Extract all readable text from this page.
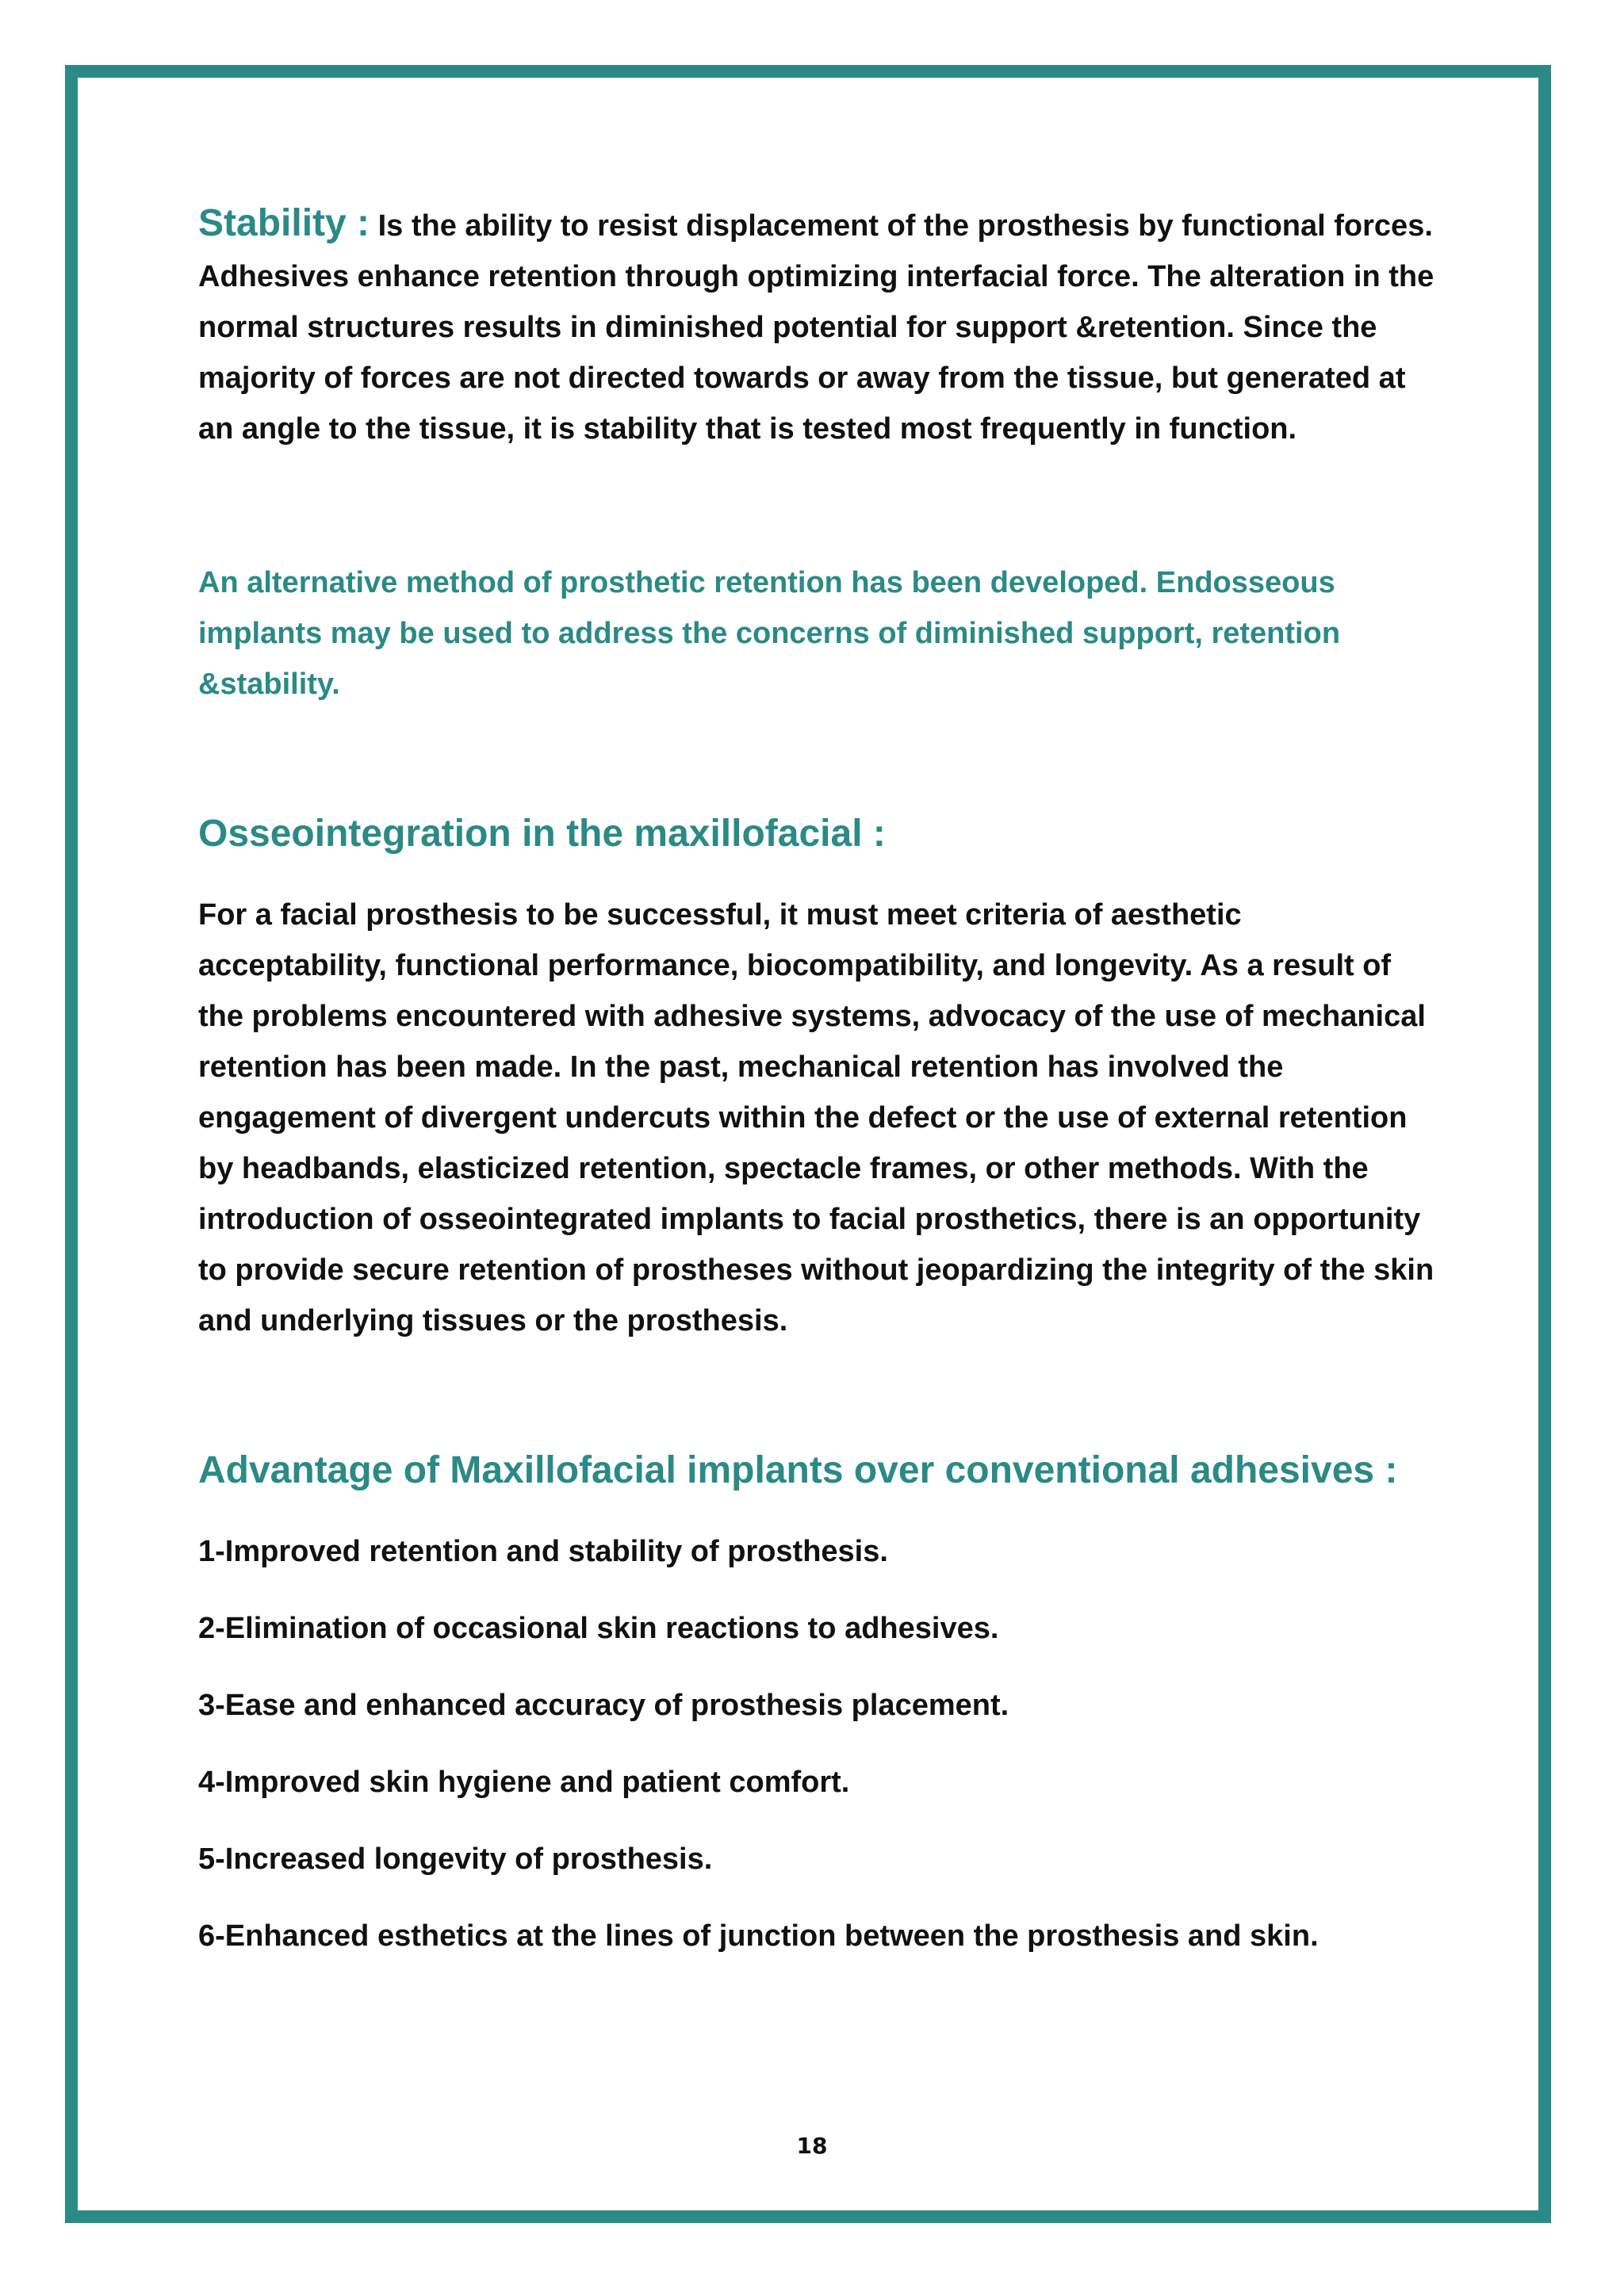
Stability : Is the ability to resist displacement of the prosthesis by functional forces. Adhesives enhance retention through optimizing interfacial force. The alteration in the normal structures results in diminished potential for support &retention. Since the majority of forces are not directed towards or away from the tissue, but generated at an angle to the tissue, it is stability that is tested most frequently in function.

An alternative method of prosthetic retention has been developed. Endosseous implants may be used to address the concerns of diminished support, retention &stability.

Osseointegration in the maxillofacial :

For a facial prosthesis to be successful, it must meet criteria of aesthetic acceptability, functional performance, biocompatibility, and longevity. As a result of the problems encountered with adhesive systems, advocacy of the use of mechanical retention has been made. In the past, mechanical retention has involved the engagement of divergent undercuts within the defect or the use of external retention by headbands, elasticized retention, spectacle frames, or other methods. With the introduction of osseointegrated implants to facial prosthetics, there is an opportunity to provide secure retention of prostheses without jeopardizing the integrity of the skin and underlying tissues or the prosthesis.

Advantage of Maxillofacial implants over conventional adhesives :
1-Improved retention and stability of prosthesis.
2-Elimination of occasional skin reactions to adhesives.
3-Ease and enhanced accuracy of prosthesis placement.
4-Improved skin hygiene and patient comfort.
5-Increased longevity of prosthesis.
6-Enhanced esthetics at the lines of junction between the prosthesis and skin.
18
